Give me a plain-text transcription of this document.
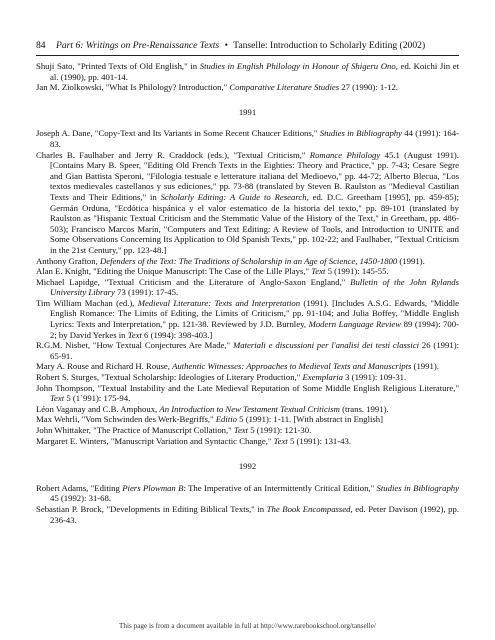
84 Part 6: Writings on Pre-Renaissance Texts • Tanselle: Introduction to Scholarly Editing (2002)

Shuji Sato, "Printed Texts of Old English," in Studies in English Philology in Honour of Shigeru Ono, ed. Koichi Jin et al. (1990), pp. 401-14.

Jan M. Ziolkowski, "What Is Philology? Introduction," Comparative Literature Studies 27 (1990): 1-12.

1991

Joseph A. Dane, "Copy-Text and Its Variants in Some Recent Chaucer Editions," Studies in Bibliography 44 (1991): 164-83.

Charles B. Faulhaber and Jerry R. Craddock (eds.), "Textual Criticism," Romance Philology 45.1 (August 1991). [Contains Mary B. Speer, "Editing Old French Texts in the Eighties: Theory and Practice," pp. 7-43; Cesare Segre and Gian Battista Speroni, "Filologia testuale e letterature italiana del Medioevo," pp. 44-72; Alberto Blecua, "Los textos medievales castellanos y sus ediciones," pp. 73-88 (translated by Steven B. Raulston as "Medieval Castilian Texts and Their Editions," in Scholarly Editing: A Guide to Research, ed. D.C. Greetham [1995], pp. 459-85); Germán Orduna, "Ecdótica hispánica y el valor estematico de la historia del texto," pp. 89-101 (translated by Raulston as "Hispanic Textual Criticism and the Stemmatic Value of the History of the Text," in Greetham, pp. 486-503); Francisco Marcos Marín, "Computers and Text Editing: A Review of Tools, and Introduction to UNITE and Some Observations Concerning Its Application to Old Spanish Texts," pp. 102-22; and Faulhaber, "Textual Criticism in the 21st Century," pp. 123-48.]

Anthony Grafton, Defenders of the Text: The Traditions of Scholarship in an Age of Science, 1450-1800 (1991).

Alan E. Knight, "Editing the Unique Manuscript: The Case of the Lille Plays," Text 5 (1991): 145-55.

Michael Lapidge, "Textual Criticism and the Literature of Anglo-Saxon England," Bulletin of the John Rylands University Library 73 (1991): 17-45.

Tim William Machan (ed.), Medieval Literature: Texts and Interpretation (1991). [Includes A.S.G. Edwards, "Middle English Romance: The Limits of Editing, the Limits of Criticism," pp. 91-104; and Julia Boffey, "Middle English Lyrics: Texts and Interpretation," pp. 121-38. Reviewed by J.D. Burnley, Modern Language Review 89 (1994): 700-2; by David Yerkes in Text 6 (1994): 398-403.]

R.G.M. Nisbet, "How Textual Conjectures Are Made," Materiali e discussioni per l'analisi dei testi classici 26 (1991): 65-91.

Mary A. Rouse and Richard H. Rouse, Authentic Witnesses: Approaches to Medieval Texts and Manuscripts (1991).

Robert S. Sturges, "Textual Scholarship: Ideologies of Literary Production," Exemplaria 3 (1991): 109-31.

John Thompson, "Textual Instability and the Late Medieval Reputation of Some Middle English Religious Literature," Text 5 (1`991): 175-94.

Léon Vaganay and C.B. Amphoux, An Introduction to New Testament Textual Criticism (trans. 1991).

Max Wehrli, "Vom Schwinden des Werk-Begriffs," Editio 5 (1991): 1-11. [With abstract in English]

John Whittaker, "The Practice of Manuscript Collation," Text 5 (1991): 121-30.

Margaret E. Winters, "Manuscript Variation and Syntactic Change," Text 5 (1991): 131-43.

1992

Robert Adams, "Editing Piers Plowman B: The Imperative of an Intermittently Critical Edition," Studies in Bibliography 45 (1992): 31-68.

Sebastian P. Brock, "Developments in Editing Biblical Texts," in The Book Encompassed, ed. Peter Davison (1992), pp. 236-43.

This page is from a document available in full at http://www.rarebookschool.org/tanselle/
